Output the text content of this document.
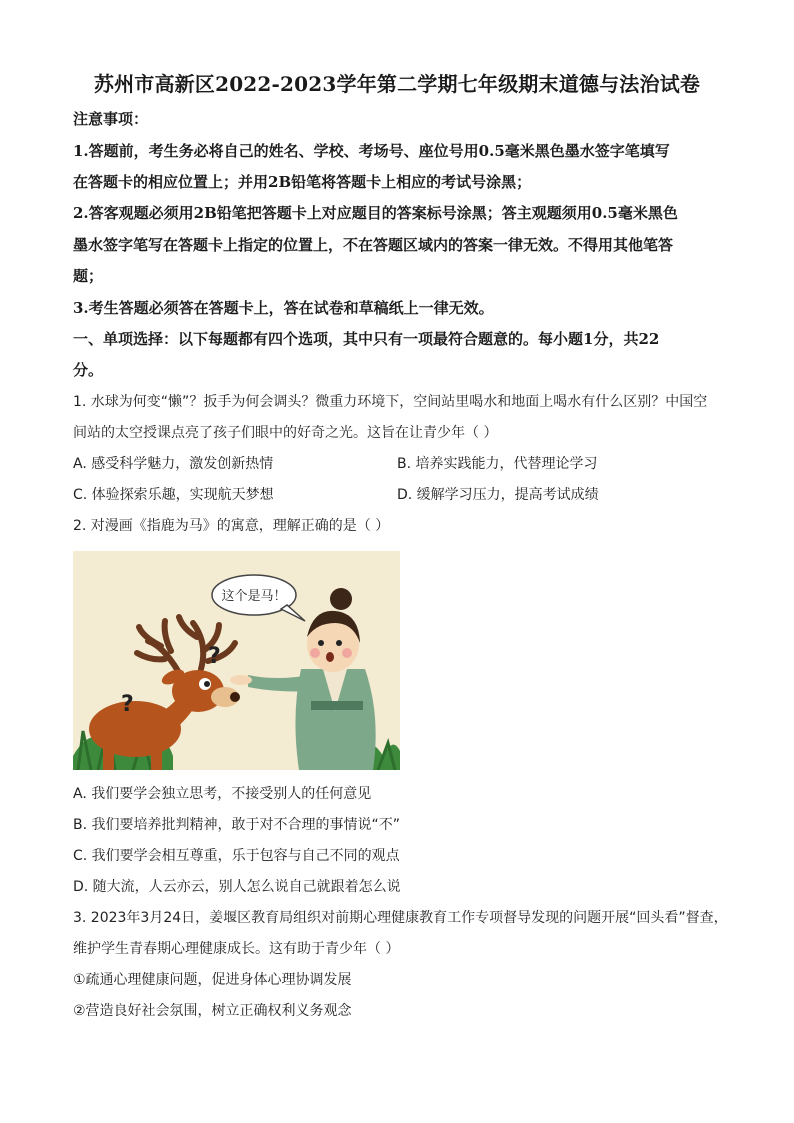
苏州市高新区2022-2023学年第二学期七年级期末道德与法治试卷
注意事项：
1.答题前，考生务必将自己的姓名、学校、考场号、座位号用0.5毫米黑色墨水签字笔填写
在答题卡的相应位置上；并用2B铅笔将答题卡上相应的考试号涂黑；
2.答客观题必须用2B铅笔把答题卡上对应题目的答案标号涂黑；答主观题须用0.5毫米黑色
墨水签字笔写在答题卡上指定的位置上，不在答题区域内的答案一律无效。不得用其他笔答
题；
3.考生答题必须答在答题卡上，答在试卷和草稿纸上一律无效。
一、单项选择：以下每题都有四个选项，其中只有一项最符合题意的。每小题1分，共22
分。
1. 水球为何变“懒”？扳手为何会调头？微重力环境下，空间站里喝水和地面上喝水有什么区别？中国空
间站的太空授课点亮了孩子们眼中的好奇之光。这旨在让青少年（ ）
A. 感受科学魅力，激发创新热情	B. 培养实践能力，代替理论学习
C. 体验探索乐趣，实现航天梦想	D. 缓解学习压力，提高考试成绩
2. 对漫画《指鹿为马》的寓意，理解正确的是（ ）
?
?
这个是马！
A. 我们要学会独立思考，不接受别人的任何意见
B. 我们要培养批判精神，敢于对不合理的事情说“不”
C. 我们要学会相互尊重，乐于包容与自己不同的观点
D. 随大流，人云亦云，别人怎么说自己就跟着怎么说
3. 2023年3月24日，姜堰区教育局组织对前期心理健康教育工作专项督导发现的问题开展“回头看”督查，
维护学生青春期心理健康成长。这有助于青少年（ ）
①疏通心理健康问题，促进身体心理协调发展
②营造良好社会氛围，树立正确权利义务观念
